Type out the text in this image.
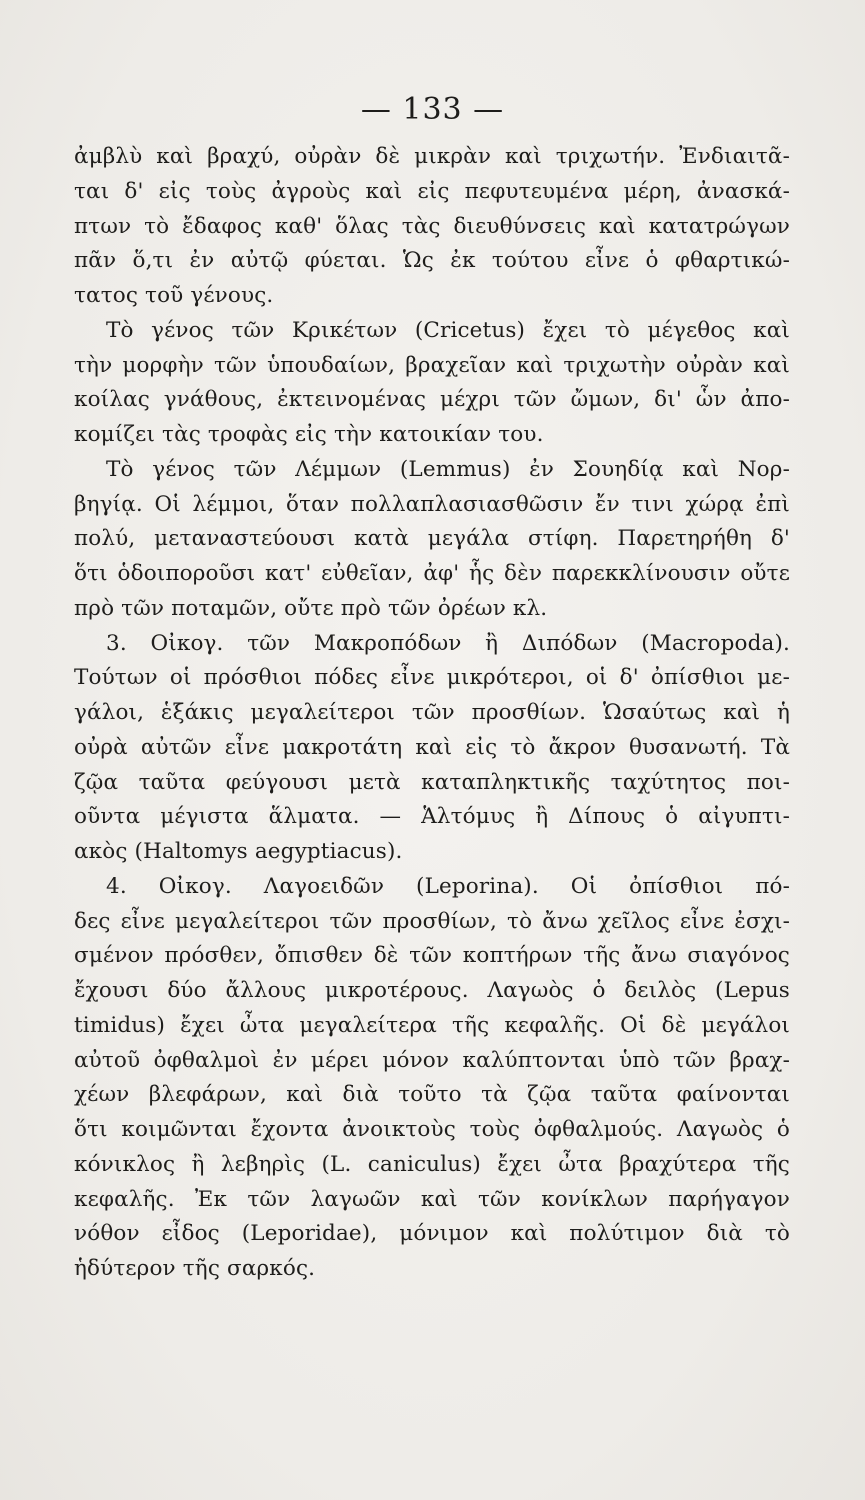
— 133 —
ἀμβλὺ καὶ βραχύ, οὐρὰν δὲ μικρὰν καὶ τριχωτήν. Ἐνδιαιτᾶ-
ται δ' εἰς τοὺς ἀγροὺς καὶ εἰς πεφυτευμένα μέρη, ἀνασκά-
πτων τὸ ἔδαφος καθ' ὅλας τὰς διευθύνσεις καὶ κατατρώγων
πᾶν ὅ,τι ἐν αὐτῷ φύεται. Ὡς ἐκ τούτου εἶνε ὁ φθαρτικώ-
τατος τοῦ γένους.
Τὸ γένος τῶν Κρικέτων (Cricetus) ἔχει τὸ μέγεθος καὶ
τὴν μορφὴν τῶν ὑπουδαίων, βραχεῖαν καὶ τριχωτὴν οὐρὰν καὶ
κοίλας γνάθους, ἐκτεινομένας μέχρι τῶν ὤμων, δι' ὧν ἀπο-
κομίζει τὰς τροφὰς εἰς τὴν κατοικίαν του.
Τὸ γένος τῶν Λέμμων (Lemmus) ἐν Σουηδίᾳ καὶ Νορ-
βηγίᾳ. Οἱ λέμμοι, ὅταν πολλαπλασιασθῶσιν ἔν τινι χώρᾳ ἐπὶ
πολύ, μεταναστεύουσι κατὰ μεγάλα στίφη. Παρετηρήθη δ'
ὅτι ὁδοιποροῦσι κατ' εὐθεῖαν, ἀφ' ἧς δὲν παρεκκλίνουσιν οὔτε
πρὸ τῶν ποταμῶν, οὔτε πρὸ τῶν ὀρέων κλ.
3. Οἰκογ. τῶν Μακροπόδων ἢ Διπόδων (Macropoda).
Τούτων οἱ πρόσθιοι πόδες εἶνε μικρότεροι, οἱ δ' ὀπίσθιοι με-
γάλοι, ἑξάκις μεγαλείτεροι τῶν προσθίων. Ὡσαύτως καὶ ἡ
οὐρὰ αὐτῶν εἶνε μακροτάτη καὶ εἰς τὸ ἄκρον θυσανωτή. Τὰ
ζῷα ταῦτα φεύγουσι μετὰ καταπληκτικῆς ταχύτητος ποι-
οῦντα μέγιστα ἅλματα. — Ἁλτόμυς ἢ Δίπους ὁ αἰγυπτι-
ακὸς (Haltomys aegyptiacus).
4. Οἰκογ. Λαγοειδῶν (Leporina). Οἱ ὀπίσθιοι πό-
δες εἶνε μεγαλείτεροι τῶν προσθίων, τὸ ἄνω χεῖλος εἶνε ἐσχι-
σμένον πρόσθεν, ὄπισθεν δὲ τῶν κοπτήρων τῆς ἄνω σιαγόνος
ἔχουσι δύο ἄλλους μικροτέρους. Λαγωὸς ὁ δειλὸς (Lepus
timidus) ἔχει ὦτα μεγαλείτερα τῆς κεφαλῆς. Οἱ δὲ μεγάλοι
αὐτοῦ ὀφθαλμοὶ ἐν μέρει μόνον καλύπτονται ὑπὸ τῶν βραχ-
χέων βλεφάρων, καὶ διὰ τοῦτο τὰ ζῷα ταῦτα φαίνονται
ὅτι κοιμῶνται ἔχοντα ἀνοικτοὺς τοὺς ὀφθαλμούς. Λαγωὸς ὁ
κόνικλος ἢ λεβηρὶς (L. caniculus) ἔχει ὦτα βραχύτερα τῆς
κεφαλῆς. Ἐκ τῶν λαγωῶν καὶ τῶν κονίκλων παρήγαγον
νόθον εἶδος (Leporidae), μόνιμον καὶ πολύτιμον διὰ τὸ
ἡδύτερον τῆς σαρκός.
